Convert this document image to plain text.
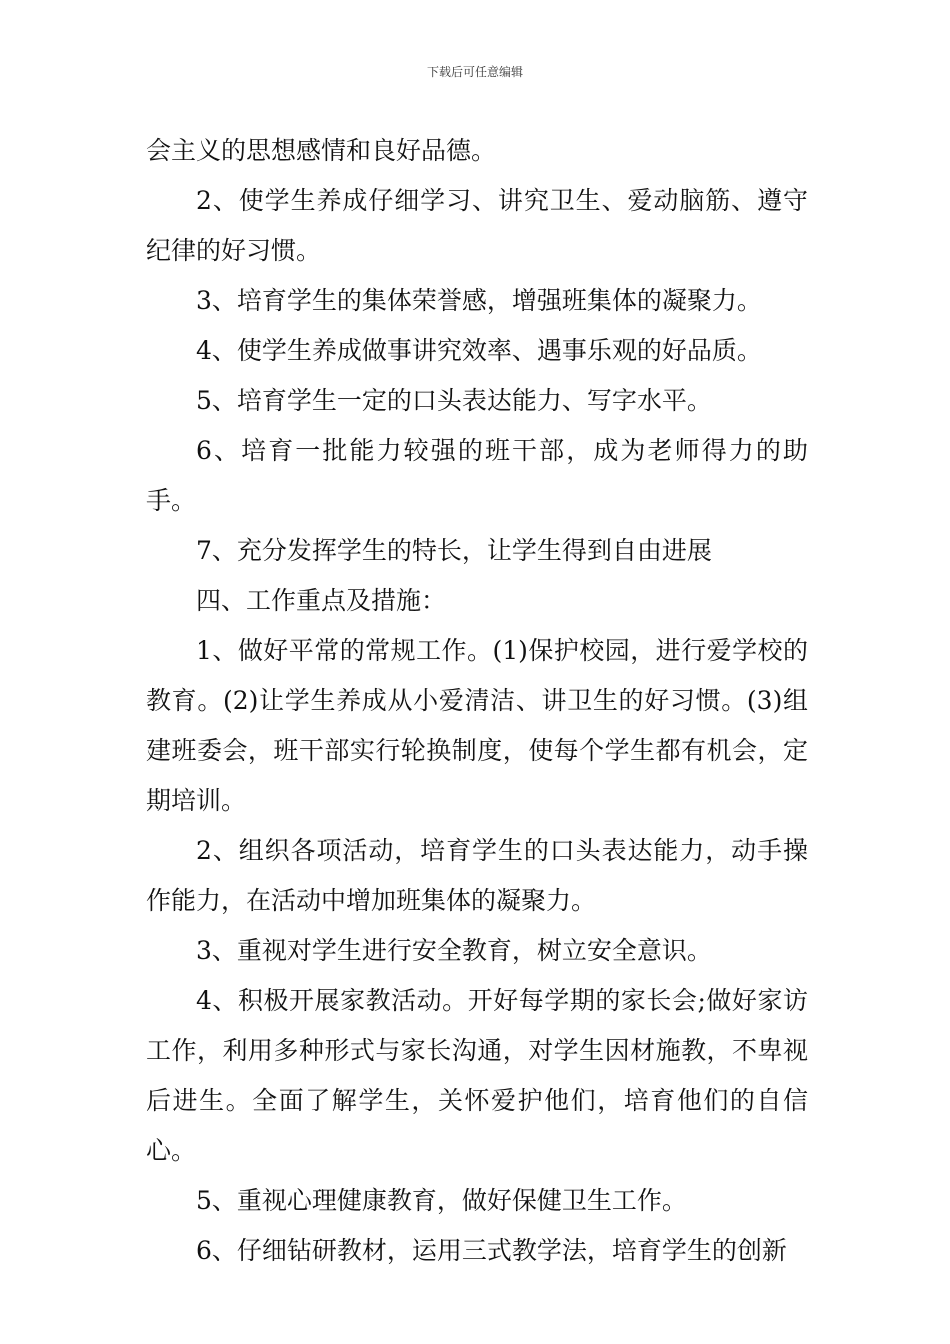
下载后可任意编辑

会主义的思想感情和良好品德。

2、使学生养成仔细学习、讲究卫生、爱动脑筋、遵守纪律的好习惯。

3、培育学生的集体荣誉感，增强班集体的凝聚力。

4、使学生养成做事讲究效率、遇事乐观的好品质。

5、培育学生一定的口头表达能力、写字水平。

6、培育一批能力较强的班干部，成为老师得力的助手。

7、充分发挥学生的特长，让学生得到自由进展

四、工作重点及措施：

1、做好平常的常规工作。(1)保护校园，进行爱学校的教育。(2)让学生养成从小爱清洁、讲卫生的好习惯。(3)组建班委会，班干部实行轮换制度，使每个学生都有机会，定期培训。

2、组织各项活动，培育学生的口头表达能力，动手操作能力，在活动中增加班集体的凝聚力。

3、重视对学生进行安全教育，树立安全意识。

4、积极开展家教活动。开好每学期的家长会;做好家访工作，利用多种形式与家长沟通，对学生因材施教，不卑视后进生。全面了解学生，关怀爱护他们，培育他们的自信心。

5、重视心理健康教育，做好保健卫生工作。

6、仔细钻研教材，运用三式教学法，培育学生的创新
